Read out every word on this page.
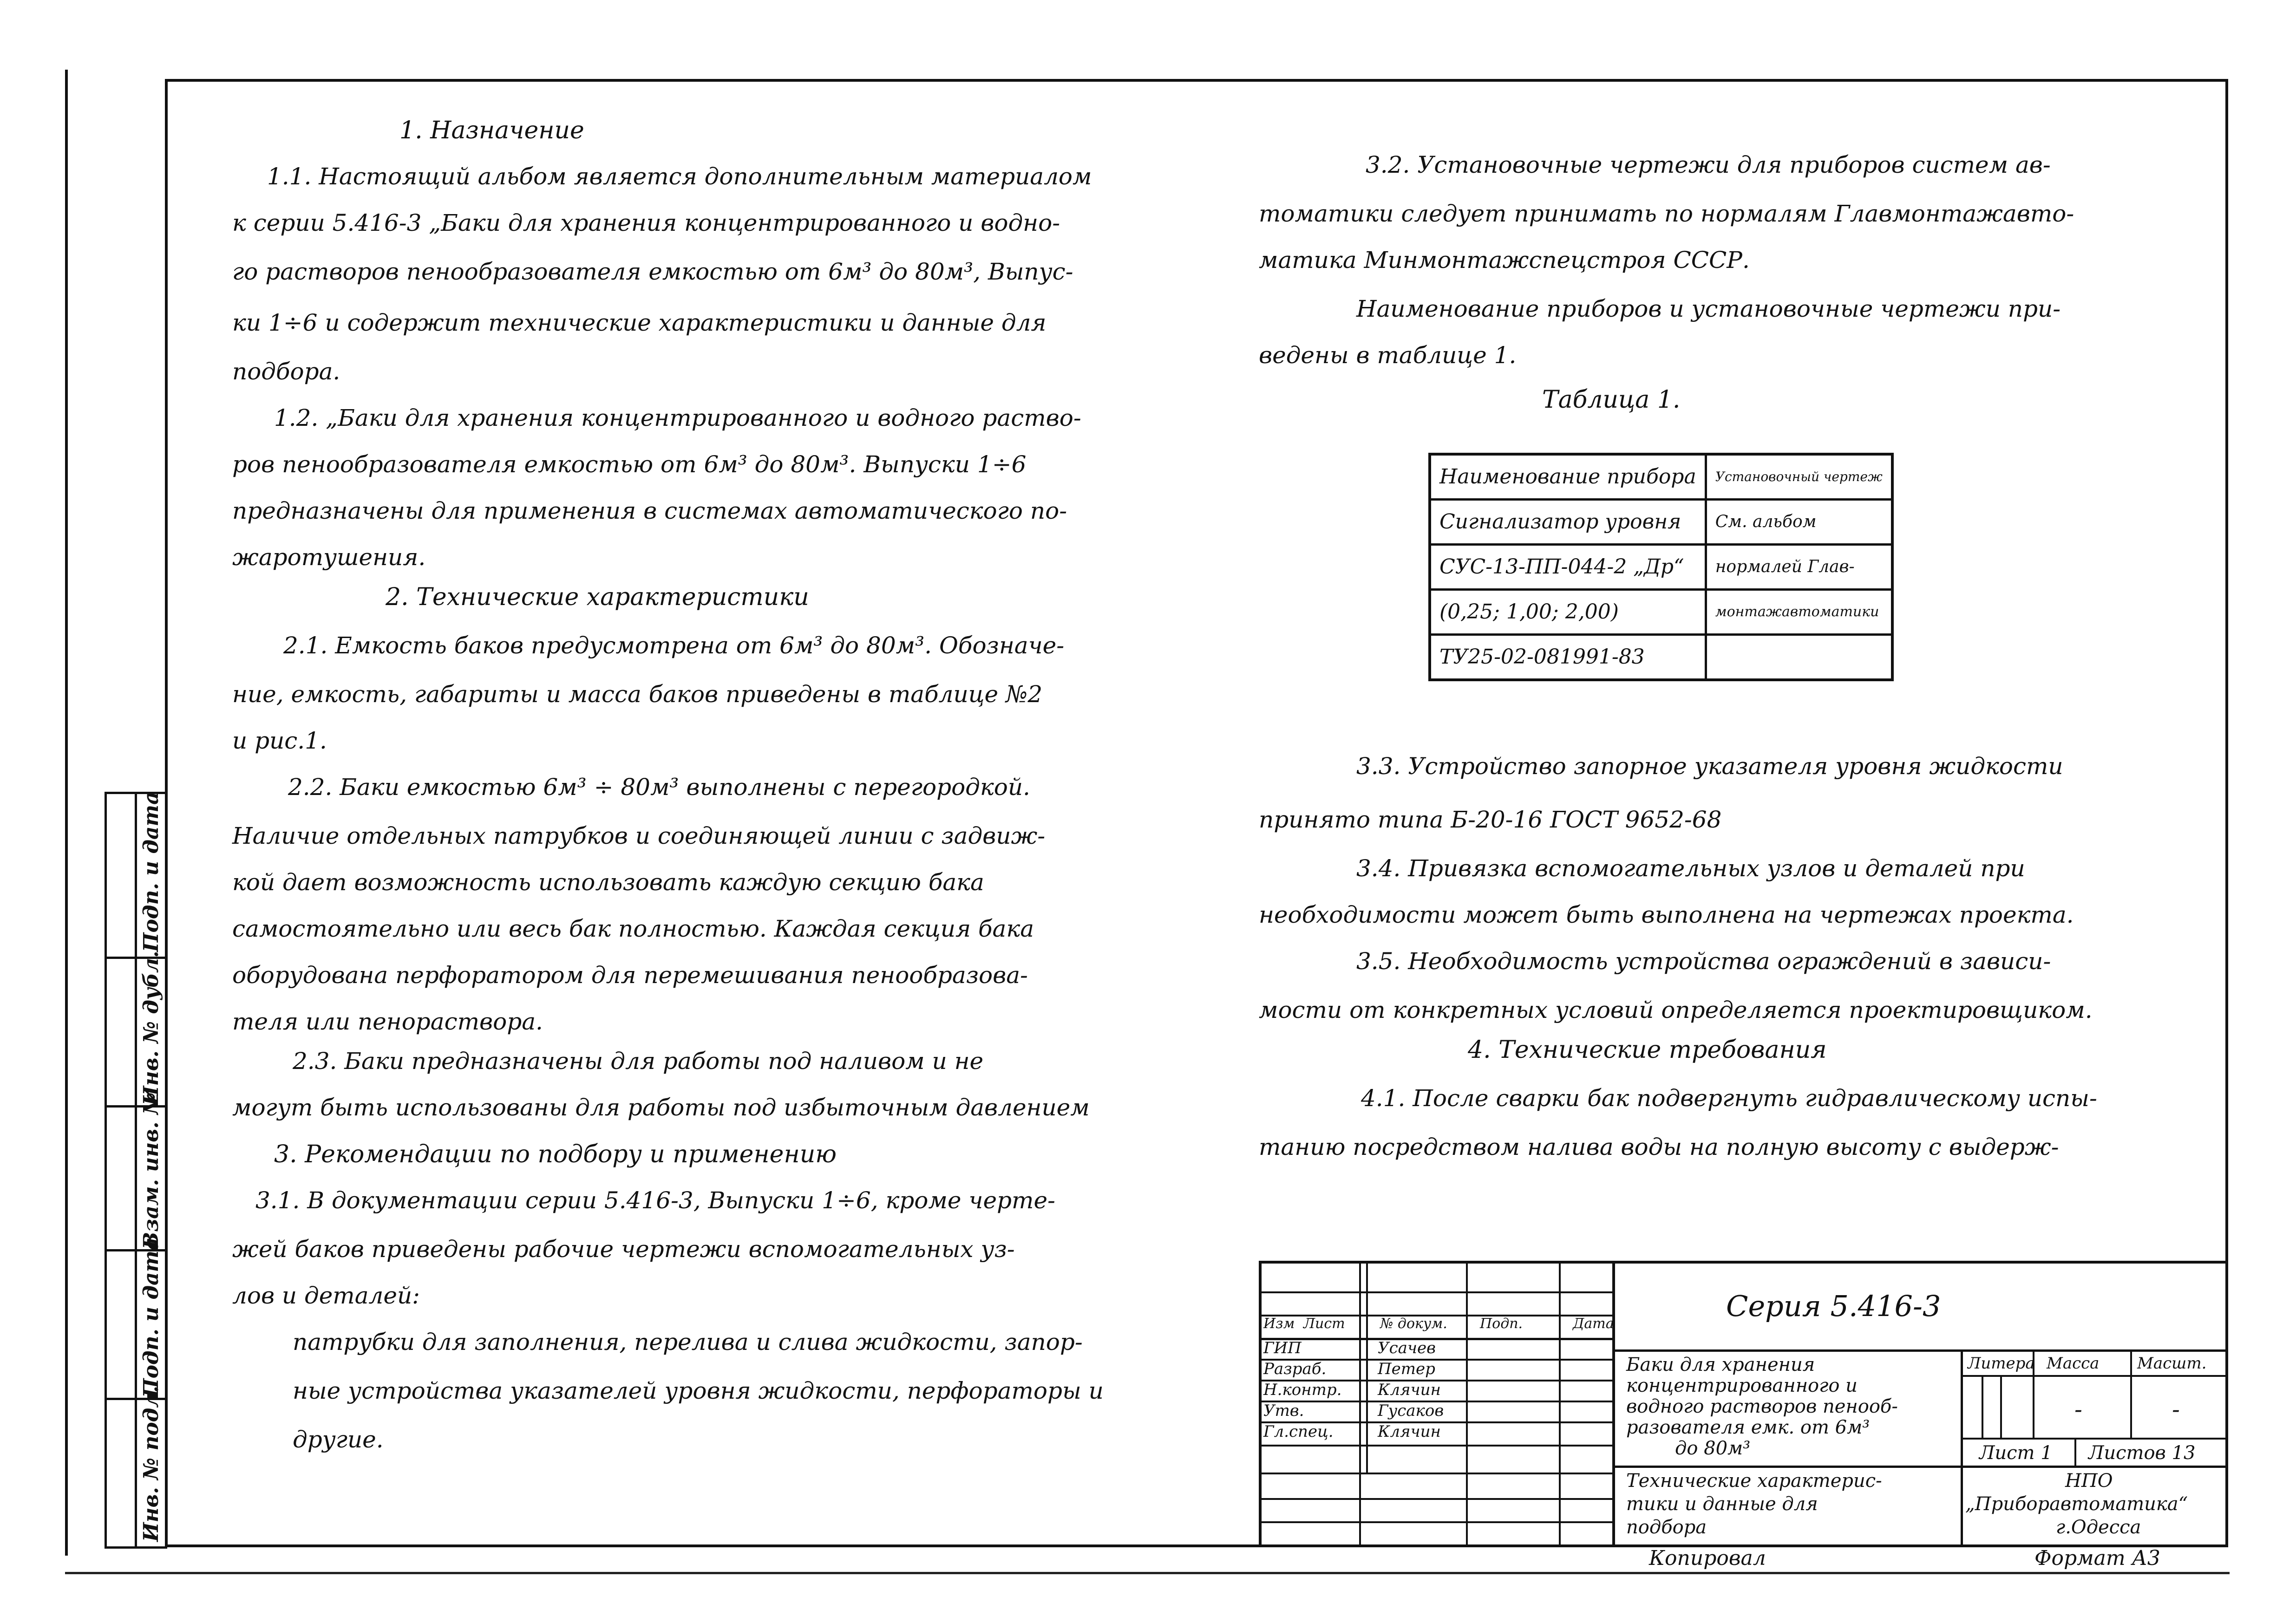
Подп. и дата
Инв. № дубл.
Взам. инв. №
Подп. и дата
Инв. № подл.
1. Назначение
1.1. Настоящий альбом является дополнительным материалом
к серии 5.416-3 „Баки для хранения концентрированного и водно-
го растворов пенообразователя емкостью от 6м³ до 80м³, Выпус-
ки 1÷6 и содержит технические характеристики и данные для
подбора.
1.2. „Баки для хранения концентрированного и водного раство-
ров пенообразователя емкостью от 6м³ до 80м³. Выпуски 1÷6
предназначены для применения в системах автоматического по-
жаротушения.
2. Технические характеристики
2.1. Емкость баков предусмотрена от 6м³ до 80м³. Обозначе-
ние, емкость, габариты и масса баков приведены в таблице №2
и рис.1.
2.2. Баки емкостью 6м³ ÷ 80м³ выполнены с перегородкой.
Наличие отдельных патрубков и соединяющей линии с задвиж-
кой дает возможность использовать каждую секцию бака
самостоятельно или весь бак полностью. Каждая секция бака
оборудована перфоратором для перемешивания пенообразова-
теля или пенораствора.
2.3. Баки предназначены для работы под наливом и не
могут быть использованы для работы под избыточным давлением
3. Рекомендации по подбору и применению
3.1. В документации серии 5.416-3, Выпуски 1÷6, кроме черте-
жей баков приведены рабочие чертежи вспомогательных уз-
лов и деталей:
патрубки для заполнения, перелива и слива жидкости, запор-
ные устройства указателей уровня жидкости, перфораторы и
другие.
3.2. Установочные чертежи для приборов систем ав-
томатики следует принимать по нормалям Главмонтажавто-
матика Минмонтажспецстроя СССР.
Наименование приборов и установочные чертежи при-
ведены в таблице 1.
Таблица 1.
Наименование прибора	Установочный чертеж
Сигнализатор уровня	См. альбом
СУС-13-ПП-044-2 „Др“	нормалей Глав-
(0,25; 1,00; 2,00)	монтажавтоматики
ТУ25-02-081991-83	
3.3. Устройство запорное указателя уровня жидкости
принято типа Б-20-16 ГОСТ 9652-68
3.4. Привязка вспомогательных узлов и деталей при
необходимости может быть выполнена на чертежах проекта.
3.5. Необходимость устройства ограждений в зависи-
мости от конкретных условий определяется проектировщиком.
4. Технические требования
4.1. После сварки бак подвергнуть гидравлическому испы-
танию посредством налива воды на полную высоту с выдерж-
Изм Лист	№ докум. Подп.	Дата
ГИП	Усачев
Разраб.	Петер
Н.контр. Клячин
Утв.	Гусаков
Гл.спец.	Клячин
Серия 5.416-3
Баки для хранения
концентрированного и
водного растворов пенооб-
разователя емк. от 6м³
до 80м³
Литера Масса Масшт.
-	-
Лист 1 Листов 13
Технические характерис-
тики и данные для
подбора
НПО
„Приборавтоматика“
г.Одесса
Копировал	Формат А3
